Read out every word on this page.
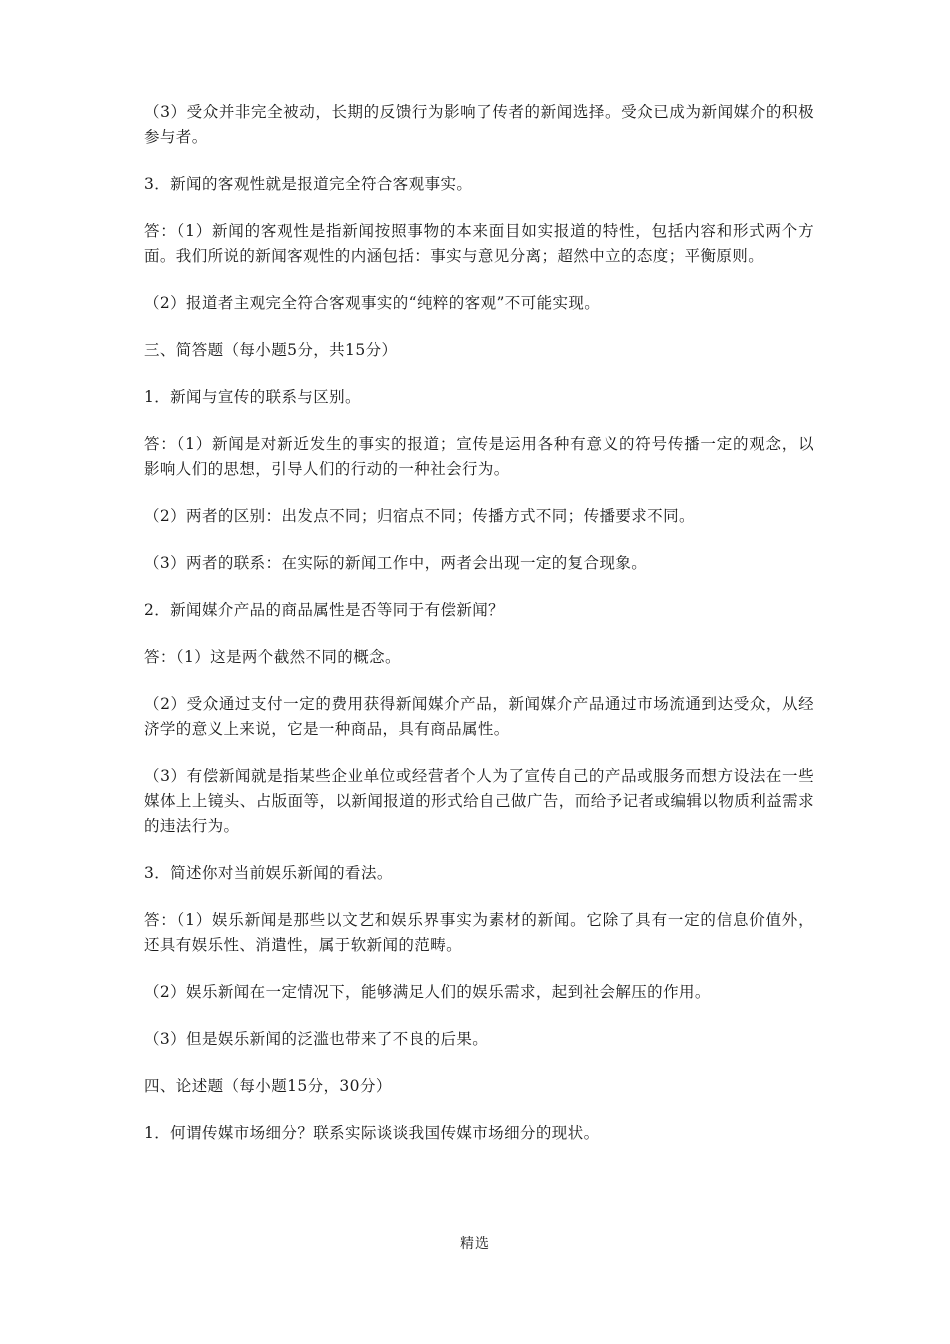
（3）受众并非完全被动，长期的反馈行为影响了传者的新闻选择。受众已成为新闻媒介的积极参与者。

3．新闻的客观性就是报道完全符合客观事实。

答：（1）新闻的客观性是指新闻按照事物的本来面目如实报道的特性，包括内容和形式两个方面。我们所说的新闻客观性的内涵包括：事实与意见分离；超然中立的态度；平衡原则。

（2）报道者主观完全符合客观事实的“纯粹的客观”不可能实现。

三、简答题（每小题5分，共15分）

1．新闻与宣传的联系与区别。

答：（1）新闻是对新近发生的事实的报道；宣传是运用各种有意义的符号传播一定的观念，以影响人们的思想，引导人们的行动的一种社会行为。

（2）两者的区别：出发点不同；归宿点不同；传播方式不同；传播要求不同。

（3）两者的联系：在实际的新闻工作中，两者会出现一定的复合现象。

2．新闻媒介产品的商品属性是否等同于有偿新闻？

答：（1）这是两个截然不同的概念。

（2）受众通过支付一定的费用获得新闻媒介产品，新闻媒介产品通过市场流通到达受众，从经济学的意义上来说，它是一种商品，具有商品属性。

（3）有偿新闻就是指某些企业单位或经营者个人为了宣传自己的产品或服务而想方设法在一些媒体上上镜头、占版面等，以新闻报道的形式给自己做广告，而给予记者或编辑以物质利益需求的违法行为。

3．简述你对当前娱乐新闻的看法。

答：（1）娱乐新闻是那些以文艺和娱乐界事实为素材的新闻。它除了具有一定的信息价值外，还具有娱乐性、消遣性，属于软新闻的范畴。

（2）娱乐新闻在一定情况下，能够满足人们的娱乐需求，起到社会解压的作用。

（3）但是娱乐新闻的泛滥也带来了不良的后果。

四、论述题（每小题15分，30分）

1．何谓传媒市场细分？联系实际谈谈我国传媒市场细分的现状。

精选
